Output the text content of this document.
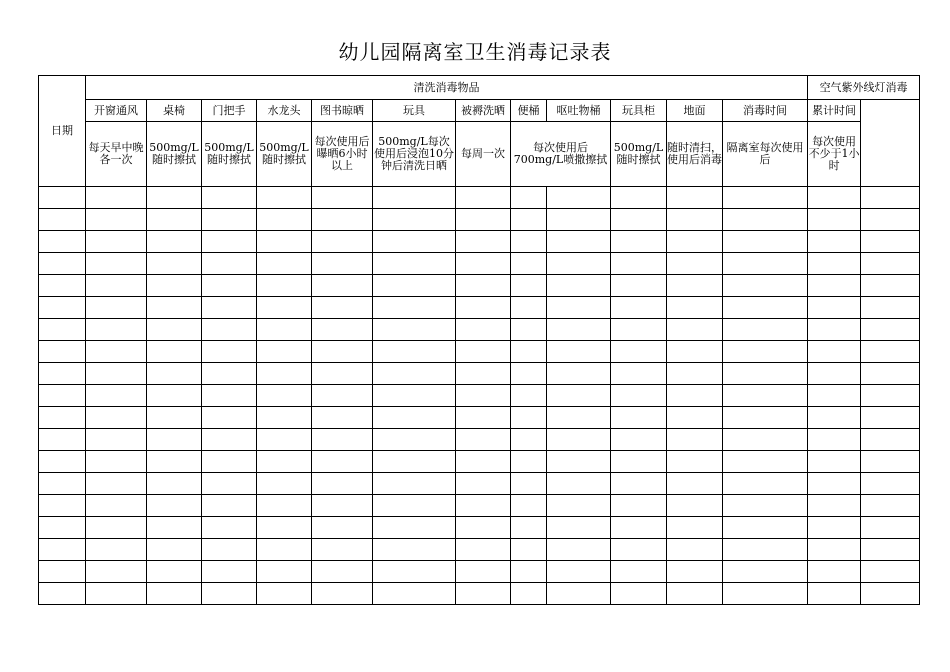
幼儿园隔离室卫生消毒记录表
日期	清洗消毒物品												空气紫外线灯消毒	
	开窗通风	桌椅	门把手	水龙头	图书晾晒	玩具	被褥洗晒	便桶	呕吐物桶	玩具柜	地面	消毒时间	累计时间		
	每天早中晚各一次	500mg/L随时擦拭	500mg/L随时擦拭	500mg/L随时擦拭	每次使用后曝晒6小时以上	500mg/L每次使用后浸泡10分钟后清洗日晒	每周一次	每次使用后700mg/L喷撒擦拭		500mg/L随时擦拭	随时清扫，使用后消毒	隔离室每次使用后	每次使用不少于1小时		
